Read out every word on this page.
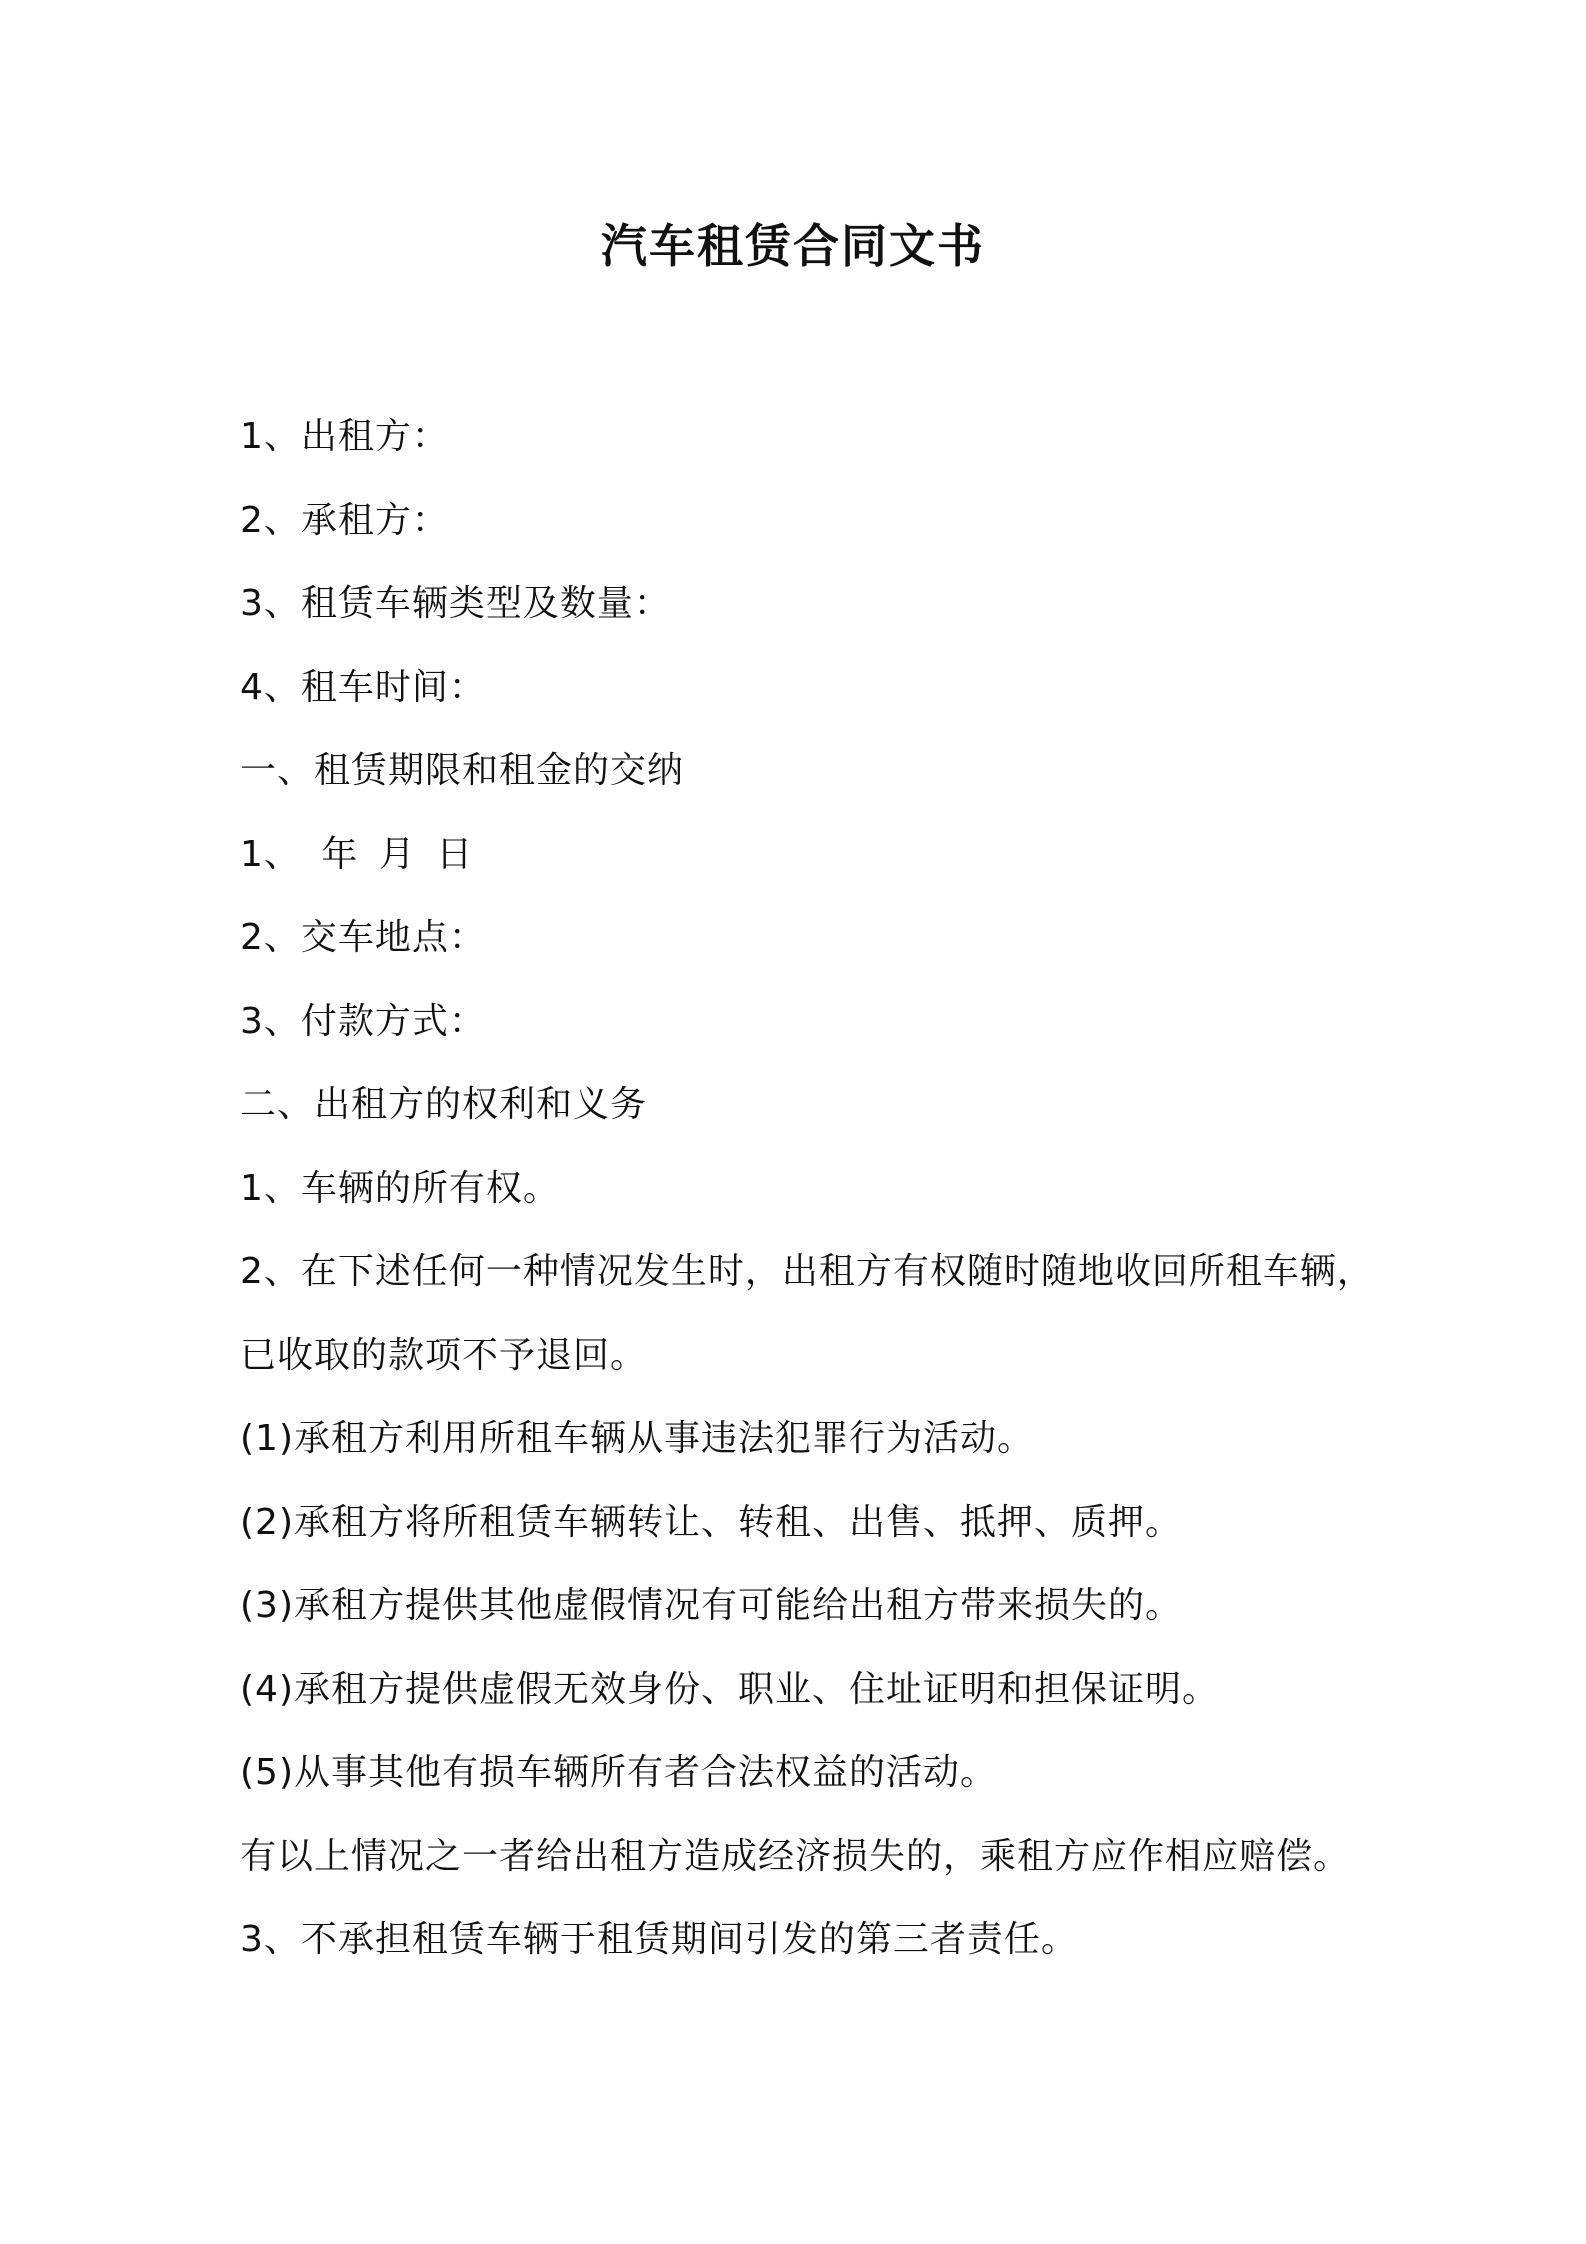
汽车租赁合同文书
1、出租方：
2、承租方：
3、租赁车辆类型及数量：
4、租车时间：
一、租赁期限和租金的交纳
1、 年 月 日
2、交车地点：
3、付款方式：
二、出租方的权利和义务
1、车辆的所有权。
2、在下述任何一种情况发生时，出租方有权随时随地收回所租车辆，
已收取的款项不予退回。
(1)承租方利用所租车辆从事违法犯罪行为活动。
(2)承租方将所租赁车辆转让、转租、出售、抵押、质押。
(3)承租方提供其他虚假情况有可能给出租方带来损失的。
(4)承租方提供虚假无效身份、职业、住址证明和担保证明。
(5)从事其他有损车辆所有者合法权益的活动。
有以上情况之一者给出租方造成经济损失的，乘租方应作相应赔偿。
3、不承担租赁车辆于租赁期间引发的第三者责任。
